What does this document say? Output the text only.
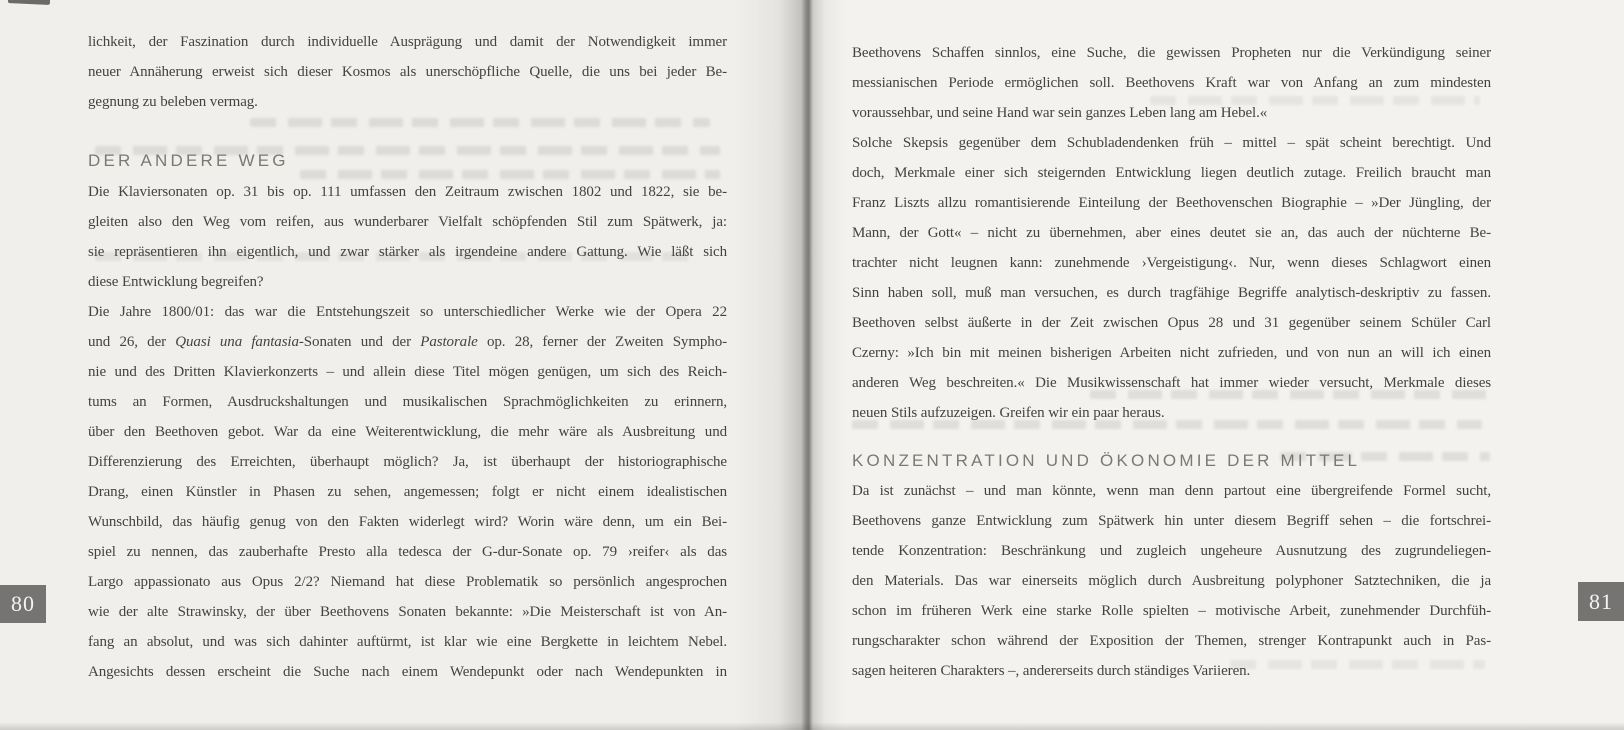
lichkeit, der Faszination durch individuelle Ausprägung und damit der Notwendigkeit immer
neuer Annäherung erweist sich dieser Kosmos als unerschöpfliche Quelle, die uns bei jeder Be-
gegnung zu beleben vermag.
DER ANDERE WEG
Die Klaviersonaten op. 31 bis op. 111 umfassen den Zeitraum zwischen 1802 und 1822, sie be-
gleiten also den Weg vom reifen, aus wunderbarer Vielfalt schöpfenden Stil zum Spätwerk, ja:
sie repräsentieren ihn eigentlich, und zwar stärker als irgendeine andere Gattung. Wie läßt sich
diese Entwicklung begreifen?
Die Jahre 1800/01: das war die Entstehungszeit so unterschiedlicher Werke wie der Opera 22
und 26, der Quasi una fantasia-Sonaten und der Pastorale op. 28, ferner der Zweiten Sympho-
nie und des Dritten Klavierkonzerts – und allein diese Titel mögen genügen, um sich des Reich-
tums an Formen, Ausdruckshaltungen und musikalischen Sprachmöglichkeiten zu erinnern,
über den Beethoven gebot. War da eine Weiterentwicklung, die mehr wäre als Ausbreitung und
Differenzierung des Erreichten, überhaupt möglich? Ja, ist überhaupt der historiographische
Drang, einen Künstler in Phasen zu sehen, angemessen; folgt er nicht einem idealistischen
Wunschbild, das häufig genug von den Fakten widerlegt wird? Worin wäre denn, um ein Bei-
spiel zu nennen, das zauberhafte Presto alla tedesca der G-dur-Sonate op. 79 ›reifer‹ als das
Largo appassionato aus Opus 2/2? Niemand hat diese Problematik so persönlich angesprochen
wie der alte Strawinsky, der über Beethovens Sonaten bekannte: »Die Meisterschaft ist von An-
fang an absolut, und was sich dahinter auftürmt, ist klar wie eine Bergkette in leichtem Nebel.
Angesichts dessen erscheint die Suche nach einem Wendepunkt oder nach Wendepunkten in
Beethovens Schaffen sinnlos, eine Suche, die gewissen Propheten nur die Verkündigung seiner
messianischen Periode ermöglichen soll. Beethovens Kraft war von Anfang an zum mindesten
voraussehbar, und seine Hand war sein ganzes Leben lang am Hebel.«
Solche Skepsis gegenüber dem Schubladendenken früh – mittel – spät scheint berechtigt. Und
doch, Merkmale einer sich steigernden Entwicklung liegen deutlich zutage. Freilich braucht man
Franz Liszts allzu romantisierende Einteilung der Beethovenschen Biographie – »Der Jüngling, der
Mann, der Gott« – nicht zu übernehmen, aber eines deutet sie an, das auch der nüchterne Be-
trachter nicht leugnen kann: zunehmende ›Vergeistigung‹. Nur, wenn dieses Schlagwort einen
Sinn haben soll, muß man versuchen, es durch tragfähige Begriffe analytisch-deskriptiv zu fassen.
Beethoven selbst äußerte in der Zeit zwischen Opus 28 und 31 gegenüber seinem Schüler Carl
Czerny: »Ich bin mit meinen bisherigen Arbeiten nicht zufrieden, und von nun an will ich einen
anderen Weg beschreiten.« Die Musikwissenschaft hat immer wieder versucht, Merkmale dieses
neuen Stils aufzuzeigen. Greifen wir ein paar heraus.
KONZENTRATION UND ÖKONOMIE DER MITTEL
Da ist zunächst – und man könnte, wenn man denn partout eine übergreifende Formel sucht,
Beethovens ganze Entwicklung zum Spätwerk hin unter diesem Begriff sehen – die fortschrei-
tende Konzentration: Beschränkung und zugleich ungeheure Ausnutzung des zugrundeliegen-
den Materials. Das war einerseits möglich durch Ausbreitung polyphoner Satztechniken, die ja
schon im früheren Werk eine starke Rolle spielten – motivische Arbeit, zunehmender Durchfüh-
rungscharakter schon während der Exposition der Themen, strenger Kontrapunkt auch in Pas-
sagen heiteren Charakters –, andererseits durch ständiges Variieren.
80	81
